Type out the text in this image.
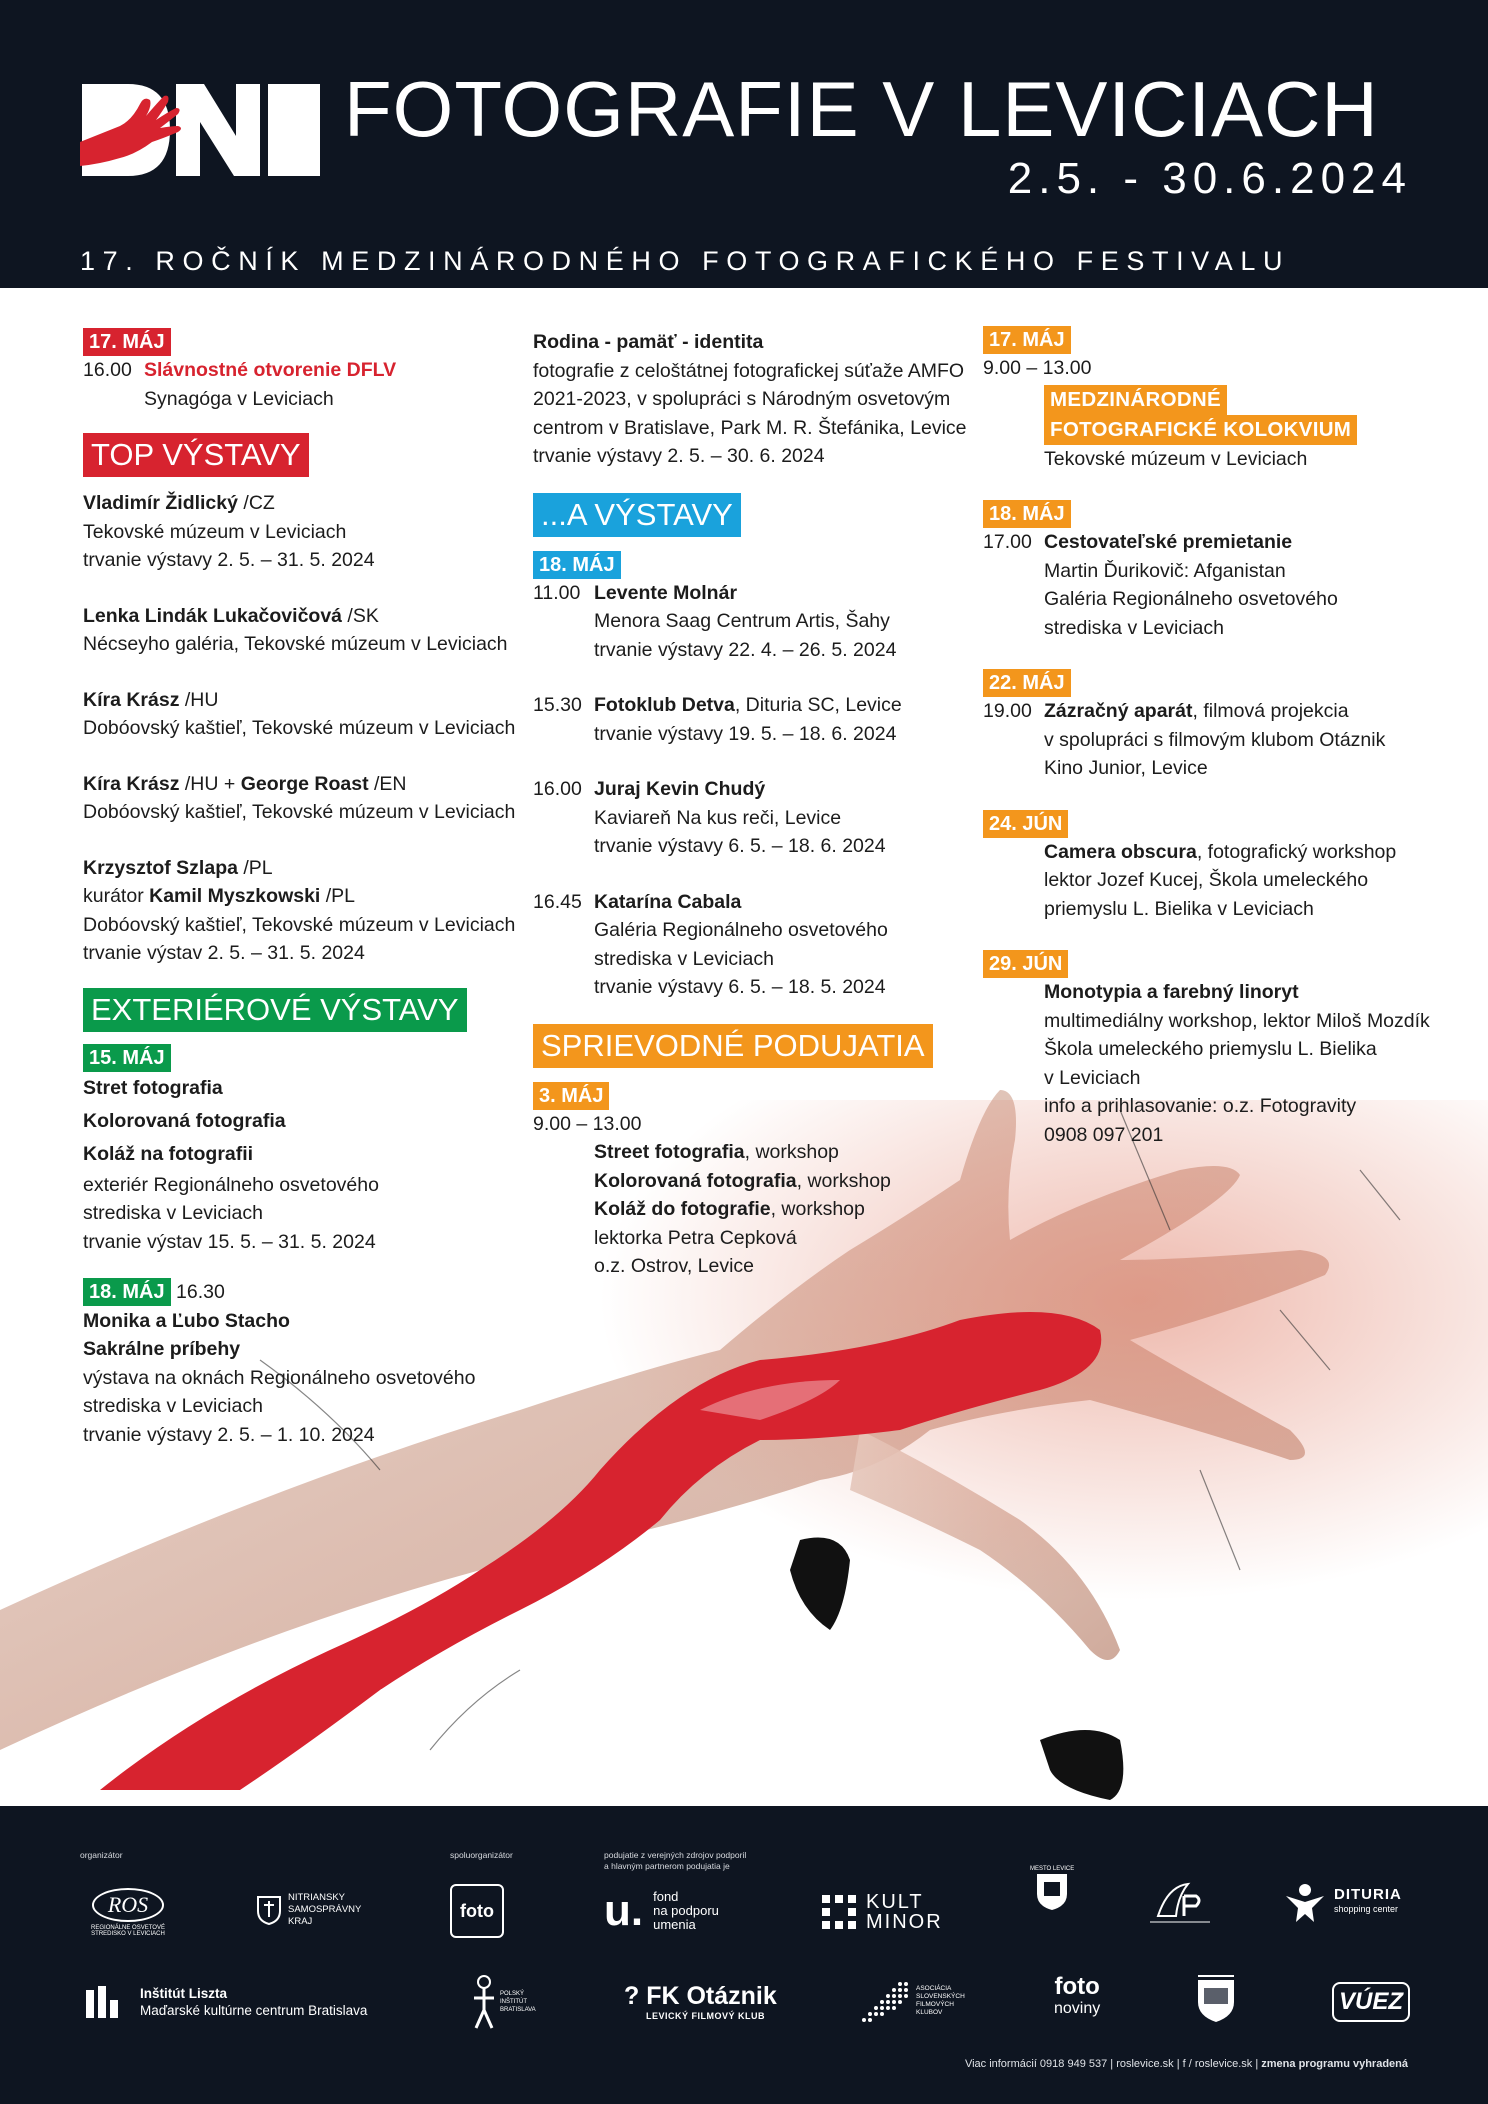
FOTOGRAFIE V LEVICIACH
2.5. - 30.6.2024
17. ROČNÍK MEDZINÁRODNÉHO FOTOGRAFICKÉHO FESTIVALU
17. MÁJ
16.00 Slávnostné otvorenie DFLV
Synagóga v Leviciach
TOP VÝSTAVY
Vladimír Židlický /CZ
Tekovské múzeum v Leviciach
trvanie výstavy 2. 5. – 31. 5. 2024
Lenka Lindák Lukačovičová /SK
Nécseyho galéria, Tekovské múzeum v Leviciach
Kíra Krász /HU
Dobóovský kaštieľ, Tekovské múzeum v Leviciach
Kíra Krász /HU + George Roast /EN
Dobóovský kaštieľ, Tekovské múzeum v Leviciach
Krzysztof Szlapa /PL
kurátor Kamil Myszkowski /PL
Dobóovský kaštieľ, Tekovské múzeum v Leviciach
trvanie výstav 2. 5. – 31. 5. 2024
EXTERIÉROVÉ VÝSTAVY
15. MÁJ
Stret fotografia
Kolorovaná fotografia
Koláž na fotografii
exteriér Regionálneho osvetového
strediska v Leviciach
trvanie výstav 15. 5. – 31. 5. 2024
18. MÁJ 16.30
Monika a Ľubo Stacho
Sakrálne príbehy
výstava na oknách Regionálneho osvetového
strediska v Leviciach
trvanie výstavy 2. 5. – 1. 10. 2024
Rodina - pamäť - identita
fotografie z celoštátnej fotografickej súťaže AMFO
2021-2023, v spolupráci s Národným osvetovým
centrom v Bratislave, Park M. R. Štefánika, Levice
trvanie výstavy 2. 5. – 30. 6. 2024
...A VÝSTAVY
18. MÁJ
11.00 Levente Molnár
Menora Saag Centrum Artis, Šahy
trvanie výstavy 22. 4. – 26. 5. 2024
15.30 Fotoklub Detva, Dituria SC, Levice
trvanie výstavy 19. 5. – 18. 6. 2024
16.00 Juraj Kevin Chudý
Kaviareň Na kus reči, Levice
trvanie výstavy 6. 5. – 18. 6. 2024
16.45 Katarína Cabala
Galéria Regionálneho osvetového
strediska v Leviciach
trvanie výstavy 6. 5. – 18. 5. 2024
SPRIEVODNÉ PODUJATIA
3. MÁJ
9.00 – 13.00
Street fotografia, workshop
Kolorovaná fotografia, workshop
Koláž do fotografie, workshop
lektorka Petra Cepková
o.z. Ostrov, Levice
17. MÁJ
9.00 – 13.00
MEDZINÁRODNÉ
FOTOGRAFICKÉ KOLOKVIUM
Tekovské múzeum v Leviciach
18. MÁJ
17.00 Cestovateľské premietanie
Martin Ďurikovič: Afganistan
Galéria Regionálneho osvetového
strediska v Leviciach
22. MÁJ
19.00 Zázračný aparát, filmová projekcia
v spolupráci s filmovým klubom Otáznik
Kino Junior, Levice
24. JÚN
Camera obscura, fotografický workshop
lektor Jozef Kucej, Škola umeleckého
priemyslu L. Bielika v Leviciach
29. JÚN
Monotypia a farebný linoryt
multimediálny workshop, lektor Miloš Mozdík
Škola umeleckého priemyslu L. Bielika
v Leviciach
info a prihlasovanie: o.z. Fotogravity
0908 097 201
organizátor	spoluorganizátor	podujatie z verejných zdrojov podporil
a hlavným partnerom podujatia je
ROS
REGIONÁLNE OSVETOVÉ STREDISKO V LEVICIACH
NITRIANSKY
SAMOSPRÁVNY
KRAJ
foto	u. fond
na podporu
umenia
KULT
MINOR
MESTO LEVICE
DITURIA
shopping center
Inštitút Liszta
Maďarské kultúrne centrum Bratislava
POLSKÝ INŠTITÚT BRATISLAVA	? FK Otáznik
LEVICKÝ FILMOVÝ KLUB
ASOCIÁCIA SLOVENSKÝCH FILMOVÝCH KLUBOV
foto
noviny	VÚEZ
Viac informácií 0918 949 537 | roslevice.sk | f / roslevice.sk | zmena programu vyhradená
